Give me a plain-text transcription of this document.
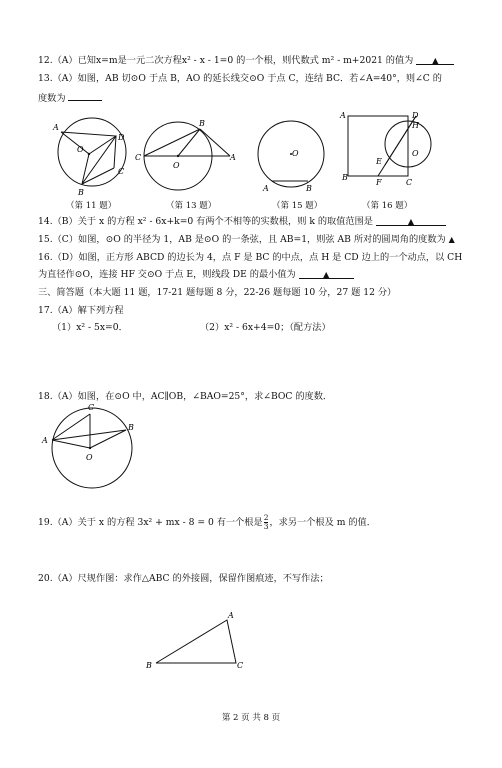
12.（A）已知x=m是一元二次方程x² - x - 1=0 的一个根，则代数式 m² - m+2021 的值为 ▲
13.（A）如图，AB 切⊙O 于点 B，AO 的延长线交⊙O 于点 C，连结 BC．若∠A=40°，则∠C 的
度数为
A
B
C
D
O
C
B
A
O
O
A	B
A	D
H
O
E
B
F	C
（第 11 题）	（第 13 题）	（第 15 题）	（第 16 题）
14.（B）关于 x 的方程 x² - 6x+k=0 有两个不相等的实数根，则 k 的取值范围是	▲
15.（C）如图，⊙O 的半径为 1，AB 是⊙O 的一条弦，且 AB=1，则弦 AB 所对的圆周角的度数为 ▲
16.（D）如图，正方形 ABCD 的边长为 4，点 F 是 BC 的中点，点 H 是 CD 边上的一个动点，以 CH
为直径作⊙O，连接 HF 交⊙O 于点 E，则线段 DE 的最小值为	▲
三、简答题（本大题 11 题，17-21 题每题 8 分，22-26 题每题 10 分，27 题 12 分）
17.（A）解下列方程
（1）x² - 5x=0．	（2）x² - 6x+4=0；（配方法）
18.（A）如图，在⊙O 中，AC∥OB，∠BAO=25°，求∠BOC 的度数．
A
C
B
O
19.（A）关于 x 的方程 3x² + mx - 8 = 0 有一个根是 $\frac{2}{3}$ ，求另一个根及 m 的值．
20.（A）尺规作图：求作△ABC 的外接圆，保留作图痕迹，不写作法；
A
B	C
第 2 页 共 8 页
